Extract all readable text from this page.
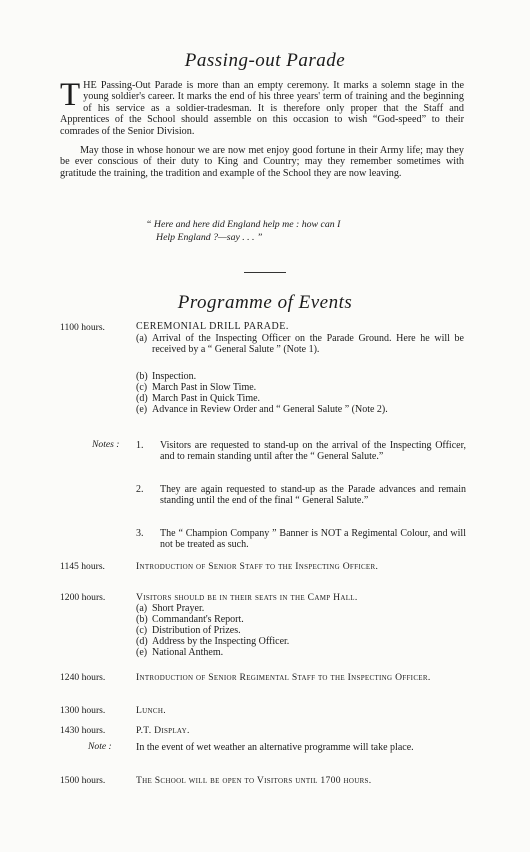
Passing-out Parade

THE Passing-Out Parade is more than an empty ceremony. It marks a solemn stage in the young soldier's career. It marks the end of his three years' term of training and the beginning of his service as a soldier-tradesman. It is therefore only proper that the Staff and Apprentices of the School should assemble on this occasion to wish “God-speed” to their comrades of the Senior Division.

May those in whose honour we are now met enjoy good fortune in their Army life; may they be ever conscious of their duty to King and Country; may they remember sometimes with gratitude the training, the tradition and example of the School they are now leaving.

“ Here and here did England help me : how can I
Help England ?—say . . . ”
Programme of Events
1100 hours.	CEREMONIAL DRILL PARADE.
(a) Arrival of the Inspecting Officer on the Parade Ground. Here he will be received by a “ General Salute ” (Note 1).
(b) Inspection.
(c) March Past in Slow Time.
(d) March Past in Quick Time.
(e) Advance in Review Order and “ General Salute ” (Note 2).
Notes : 1.	Visitors are requested to stand-up on the arrival of the Inspecting Officer, and to remain standing until after the “ General Salute.”
2.	They are again requested to stand-up as the Parade advances and remain standing until the end of the final “ General Salute.”
3.	The “ Champion Company ” Banner is NOT a Regimental Colour, and will not be treated as such.
1145 hours.	Introduction of Senior Staff to the Inspecting Officer.
1200 hours.	Visitors should be in their seats in the Camp Hall.
(a) Short Prayer.
(b) Commandant's Report.
(c) Distribution of Prizes.
(d) Address by the Inspecting Officer.
(e) National Anthem.
1240 hours.	Introduction of Senior Regimental Staff to the Inspecting Officer.
1300 hours.	Lunch.
1430 hours.	P.T. Display.
Note : In the event of wet weather an alternative programme will take place.
1500 hours.	The School will be open to Visitors until 1700 hours.
